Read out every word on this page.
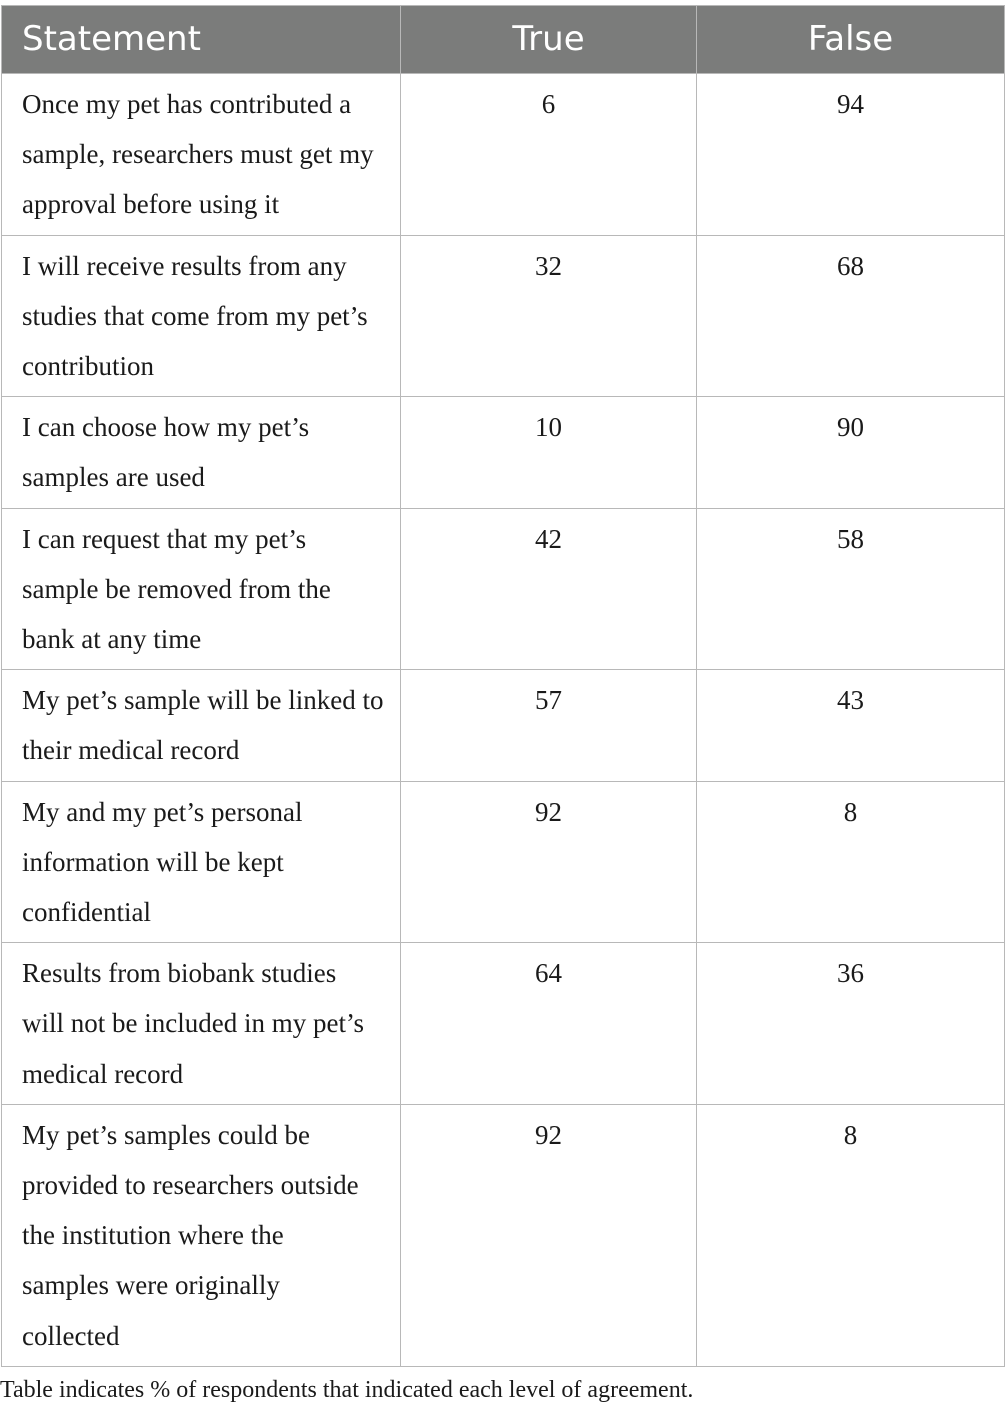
Statement	True	False
Once my pet has contributed a sample, researchers must get my approval before using it	6	94
I will receive results from any studies that come from my pet’s contribution	32	68
I can choose how my pet’s samples are used	10	90
I can request that my pet’s sample be removed from the bank at any time	42	58
My pet’s sample will be linked to their medical record	57	43
My and my pet’s personal information will be kept confidential	92	8
Results from biobank studies will not be included in my pet’s medical record	64	36
My pet’s samples could be provided to researchers outside the institution where the samples were originally collected	92	8
Table indicates % of respondents that indicated each level of agreement.
